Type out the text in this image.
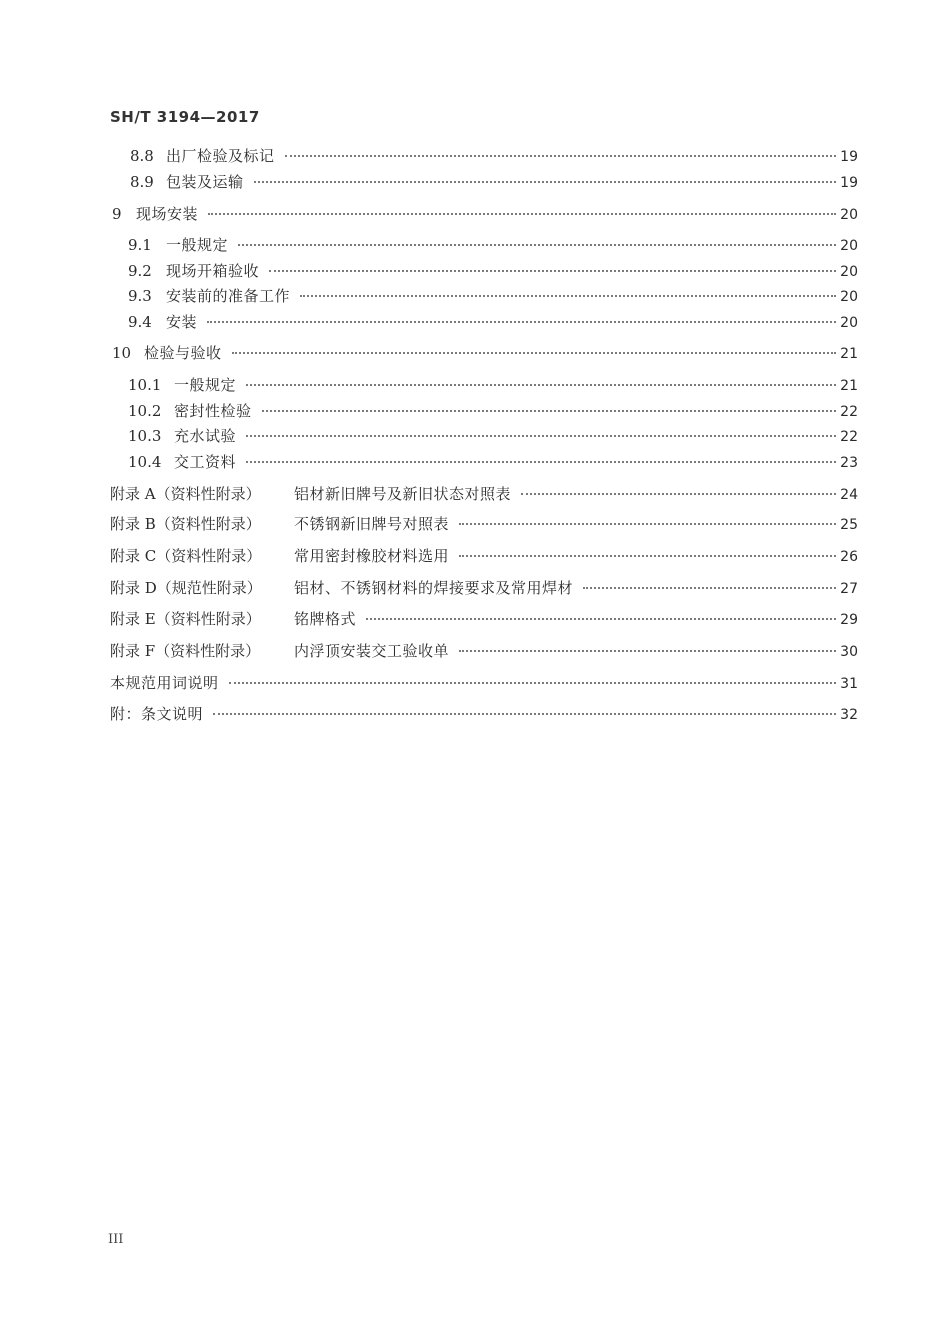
SH/T 3194—2017
8.8 出厂检验及标记	19
8.9 包装及运输	19
9 现场安装	20
9.1 一般规定	20
9.2 现场开箱验收	20
9.3 安装前的准备工作	20
9.4 安装	20
10 检验与验收	21
10.1 一般规定	21
10.2 密封性检验	22
10.3 充水试验	22
10.4 交工资料	23
附录 A（资料性附录）	铝材新旧牌号及新旧状态对照表	24
附录 B（资料性附录）	不锈钢新旧牌号对照表	25
附录 C（资料性附录）	常用密封橡胶材料选用	26
附录 D（规范性附录）	铝材、不锈钢材料的焊接要求及常用焊材	27
附录 E（资料性附录）	铭牌格式	29
附录 F（资料性附录）	内浮顶安装交工验收单	30
本规范用词说明	31
附：条文说明	32
III
